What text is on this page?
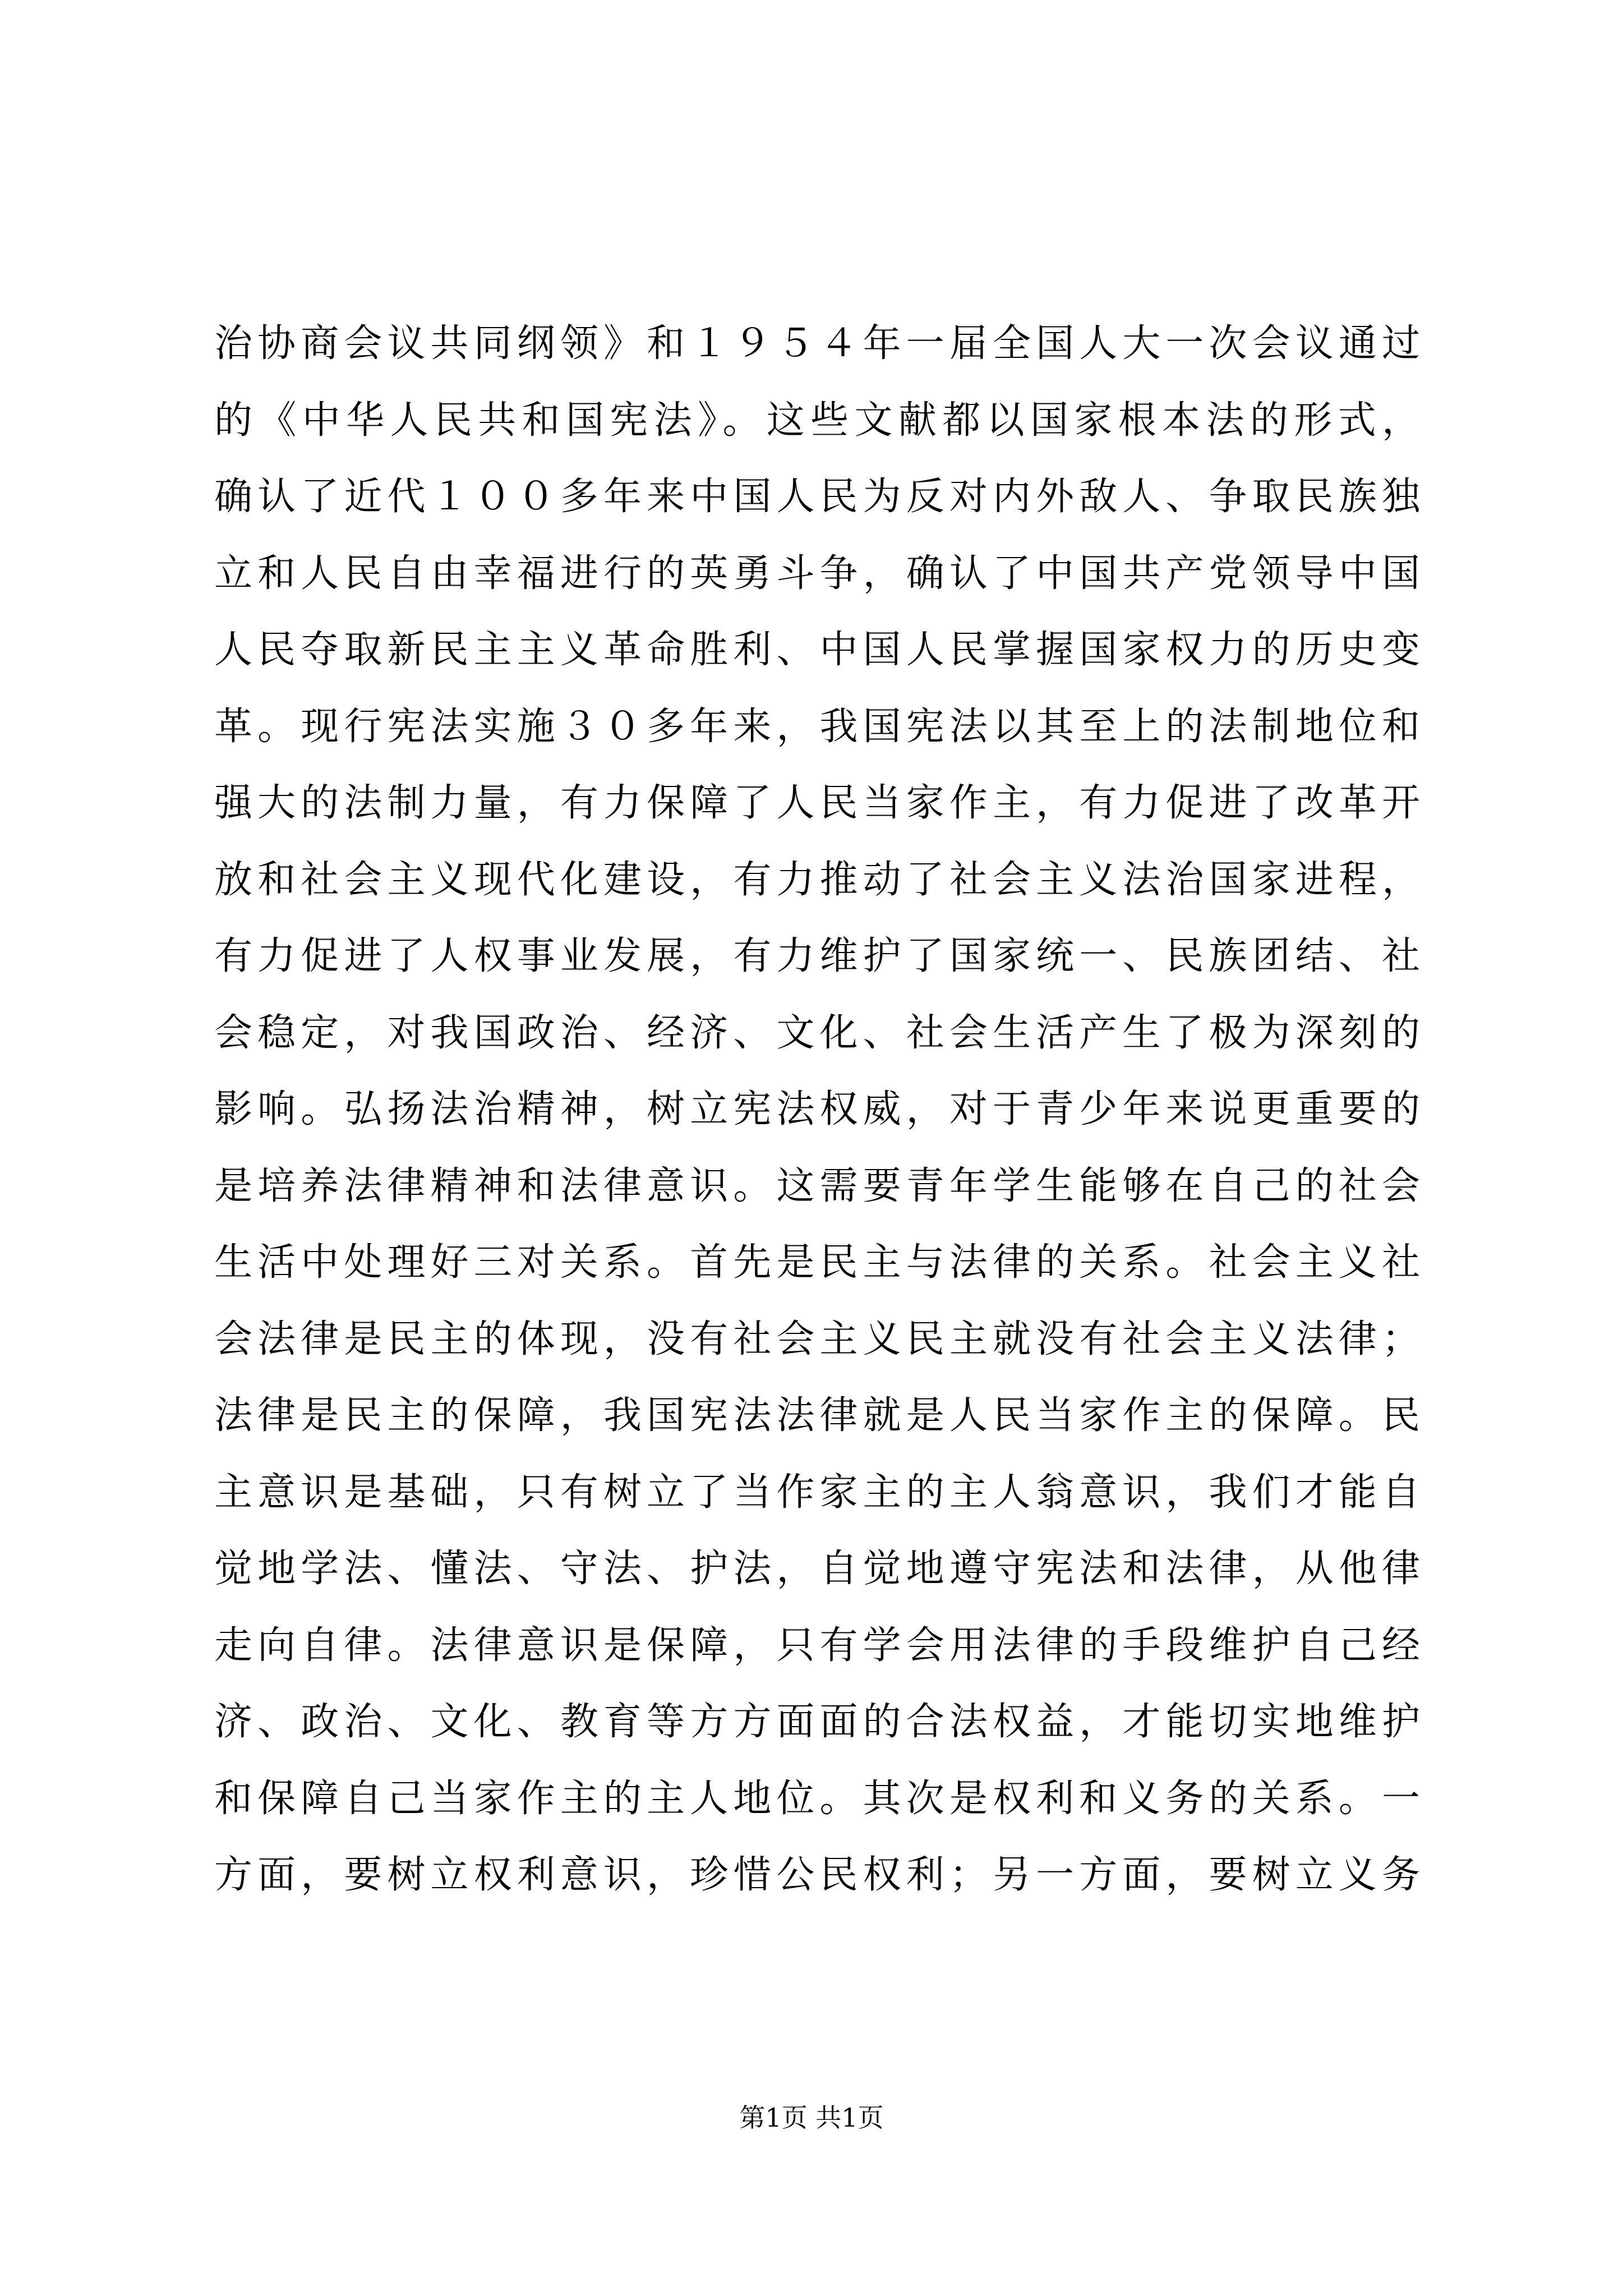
治协商会议共同纲领》和１９５４年一届全国人大一次会议通过
的《中华人民共和国宪法》。这些文献都以国家根本法的形式，
确认了近代１００多年来中国人民为反对内外敌人、争取民族独
立和人民自由幸福进行的英勇斗争，确认了中国共产党领导中国
人民夺取新民主主义革命胜利、中国人民掌握国家权力的历史变
革。现行宪法实施３０多年来，我国宪法以其至上的法制地位和
强大的法制力量，有力保障了人民当家作主，有力促进了改革开
放和社会主义现代化建设，有力推动了社会主义法治国家进程，
有力促进了人权事业发展，有力维护了国家统一、民族团结、社
会稳定，对我国政治、经济、文化、社会生活产生了极为深刻的
影响。弘扬法治精神，树立宪法权威，对于青少年来说更重要的
是培养法律精神和法律意识。这需要青年学生能够在自己的社会
生活中处理好三对关系。首先是民主与法律的关系。社会主义社
会法律是民主的体现，没有社会主义民主就没有社会主义法律；
法律是民主的保障，我国宪法法律就是人民当家作主的保障。民
主意识是基础，只有树立了当作家主的主人翁意识，我们才能自
觉地学法、懂法、守法、护法，自觉地遵守宪法和法律，从他律
走向自律。法律意识是保障，只有学会用法律的手段维护自己经
济、政治、文化、教育等方方面面的合法权益，才能切实地维护
和保障自己当家作主的主人地位。其次是权利和义务的关系。一
方面，要树立权利意识，珍惜公民权利；另一方面，要树立义务
第1页 共1页
